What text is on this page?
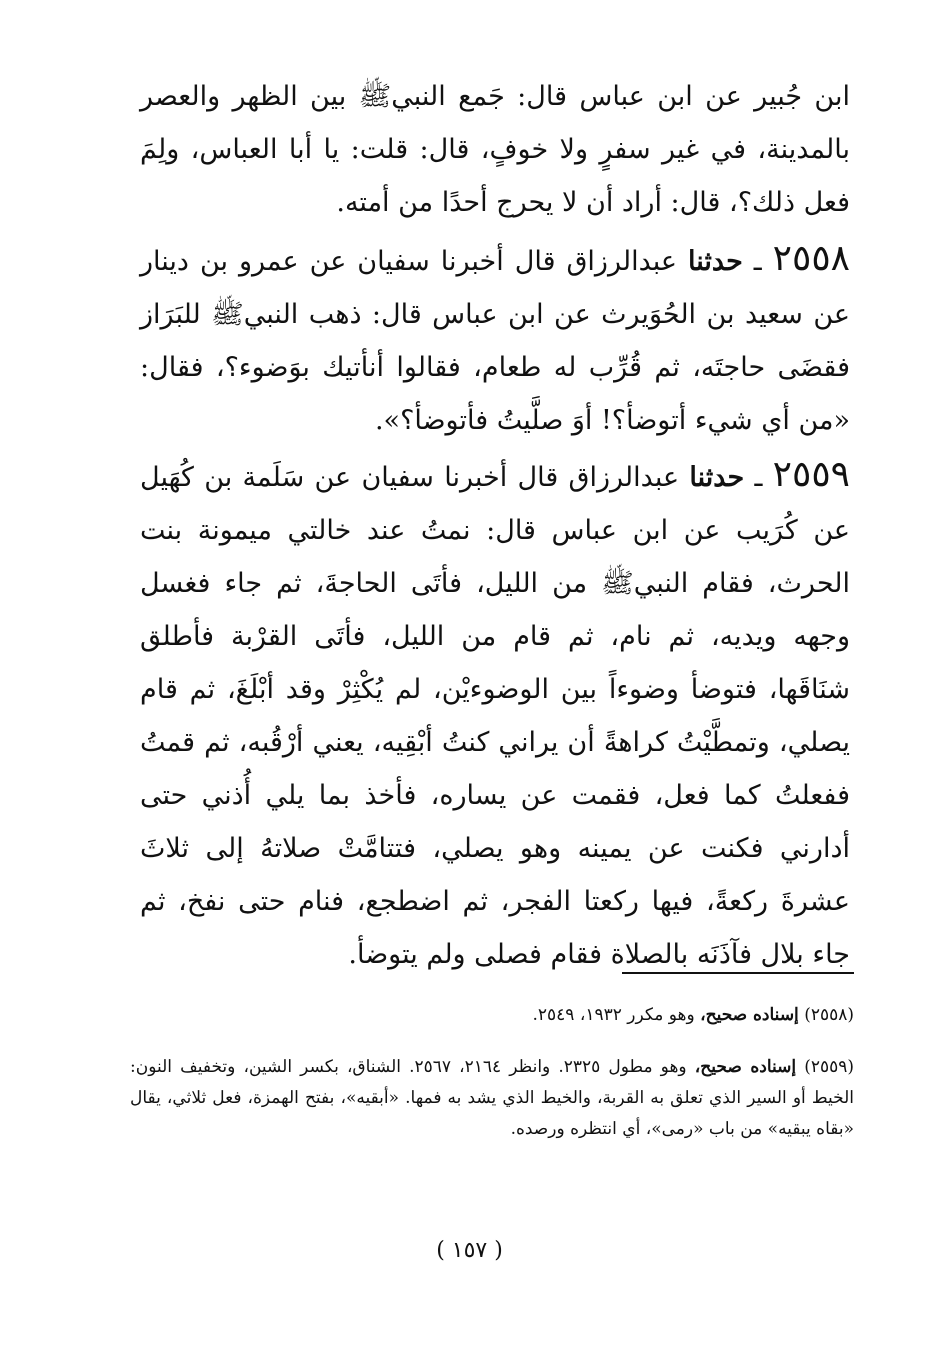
ابن جُبير عن ابن عباس قال: جَمع النبيﷺ بين الظهر والعصر بالمدينة، في غير سفرٍ ولا خوفٍ، قال: قلت: يا أبا العباس، ولِمَ فعل ذلك؟، قال: أراد أن لا يحرج أحدًا من أمته.

٢٥٥٨ ـ حدثنا عبدالرزاق قال أخبرنا سفيان عن عمرو بن دينار عن سعيد بن الحُوَيرث عن ابن عباس قال: ذهب النبيﷺ للبَرَاز فقضَى حاجتَه، ثم قُرِّب له طعام، فقالوا أنأتيك بوَضوء؟، فقال: «من أي شيء أتوضأ؟! أوَ صلَّيتُ فأتوضأ؟».

٢٥٥٩ ـ حدثنا عبدالرزاق قال أخبرنا سفيان عن سَلَمة بن كُهَيل عن كُرَيب عن ابن عباس قال: نمتُ عند خالتي ميمونة بنت الحرث، فقام النبيﷺ من الليل، فأتَى الحاجةَ، ثم جاء فغسل وجهه ويديه، ثم نام، ثم قام من الليل، فأتَى القرْبة فأطلق شنَاقَها، فتوضأ وضوءاً بين الوضوءيْن، لم يُكْثِرْ وقد أبْلَغَ، ثم قام يصلي، وتمطَّيْتُ كراهةً أن يراني كنتُ أبْقِيه، يعني أرْقُبه، ثم قمتُ ففعلتُ كما فعل، فقمت عن يساره، فأخذ بما يلي أُذني حتى أدارني فكنت عن يمينه وهو يصلي، فتتامَّتْ صلاتهُ إلى ثلاثَ عشرةَ ركعةً، فيها ركعتا الفجر، ثم اضطجع، فنام حتى نفخ، ثم جاء بلال فآذَنَه بالصلاة فقام فصلى ولم يتوضأ.

(٢٥٥٨) إسناده صحيح، وهو مكرر ١٩٣٢، ٢٥٤٩.

(٢٥٥٩) إسناده صحيح، وهو مطول ٢٣٢٥. وانظر ٢١٦٤، ٢٥٦٧. الشناق، بكسر الشين، وتخفيف النون: الخيط أو السير الذي تعلق به القربة، والخيط الذي يشد به فمها. «أبقيه»، بفتح الهمزة، فعل ثلاثي، يقال «بقاه يبقيه» من باب «رمى»، أي انتظره ورصده.

( ١٥٧ )
